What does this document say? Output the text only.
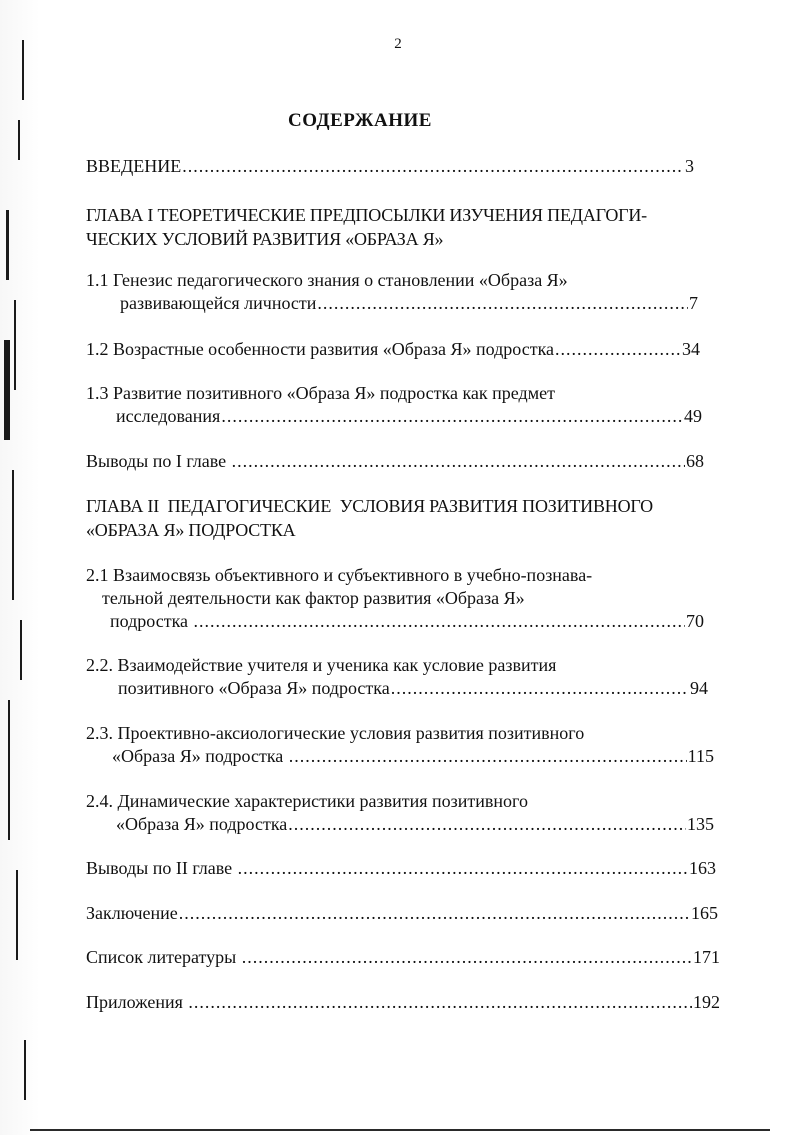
2
СОДЕРЖАНИЕ
ВВЕДЕНИЕ .....	3
ГЛАВА I ТЕОРЕТИЧЕСКИЕ ПРЕДПОСЫЛКИ ИЗУЧЕНИЯ ПЕДАГОГИ-
ЧЕСКИХ УСЛОВИЙ РАЗВИТИЯ «ОБРАЗА Я»
1.1 Генезис педагогического знания о становлении «Образа Я»
развивающейся личности .....	7
1.2 Возрастные особенности развития «Образа Я» подростка .....	34
1.3 Развитие позитивного «Образа Я» подростка как предмет
исследования .....	49
Выводы по I главе .....	68
ГЛАВА II  ПЕДАГОГИЧЕСКИЕ  УСЛОВИЯ РАЗВИТИЯ ПОЗИТИВНОГО
«ОБРАЗА Я» ПОДРОСТКА
2.1 Взаимосвязь объективного и субъективного в учебно-познава-
тельной деятельности как фактор развития «Образа Я»
подростка .....	70
2.2. Взаимодействие учителя и ученика как условие развития
позитивного «Образа Я» подростка .....	94
2.3. Проективно-аксиологические условия развития позитивного
«Образа Я» подростка .....	115
2.4. Динамические характеристики развития позитивного
«Образа Я» подростка .....	135
Выводы по II главе .....	163
Заключение .....	165
Список литературы .....	171
Приложения .....	192
